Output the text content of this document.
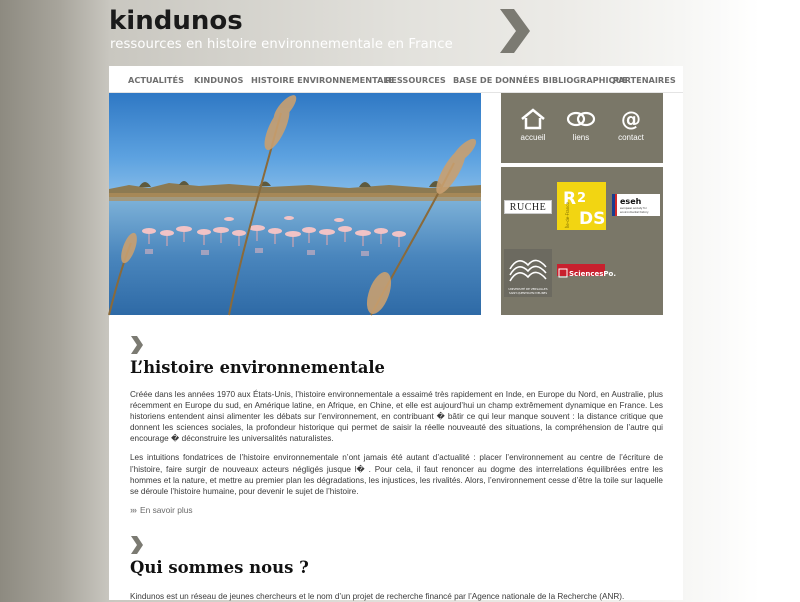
kindunos
ressources en histoire environnementale en France
ACTUALITÉS KINDUNOS HISTOIRE ENVIRONNEMENTALE
RESSOURCES BASE DE DONNÉES BIBLIOGRAPHIQUE
PARTENAIRES
accueil	liens
@
contact
RUCHE R 2
DS
Île-de-France
eseh
european society for
environmental history
UNIVERSITÉ DE VERSAILLES
SAINT-QUENTIN-EN-YVELINES
SciencesPo.
L’histoire environnementale

Créée dans les années 1970 aux États-Unis, l’histoire environnementale a essaimé très rapidement en Inde, en Europe du Nord, en Australie, plus récemment en Europe du sud, en Amérique latine, en Afrique, en Chine, et elle est aujourd’hui un champ extrêmement dynamique en France. Les historiens entendent ainsi alimenter les débats sur l’environnement, en contribuant � bâtir ce qui leur manque souvent : la distance critique que donnent les sciences sociales, la profondeur historique qui permet de saisir la réelle nouveauté des situations, la compréhension de l’autre qui encourage � déconstruire les universalités naturalistes.

Les intuitions fondatrices de l’histoire environnementale n’ont jamais été autant d’actualité : placer l’environnement au centre de l’écriture de l’histoire, faire surgir de nouveaux acteurs négligés jusque l� . Pour cela, il faut renoncer au dogme des interrelations équilibrées entre les hommes et la nature, et mettre au premier plan les dégradations, les injustices, les rivalités. Alors, l’environnement cesse d’être la toile sur laquelle se déroule l’histoire humaine, pour devenir le sujet de l’histoire.

››› En savoir plus
Qui sommes nous ?

Kindunos est un réseau de jeunes chercheurs et le nom d’un projet de recherche financé par l’Agence nationale de la Recherche (ANR).
